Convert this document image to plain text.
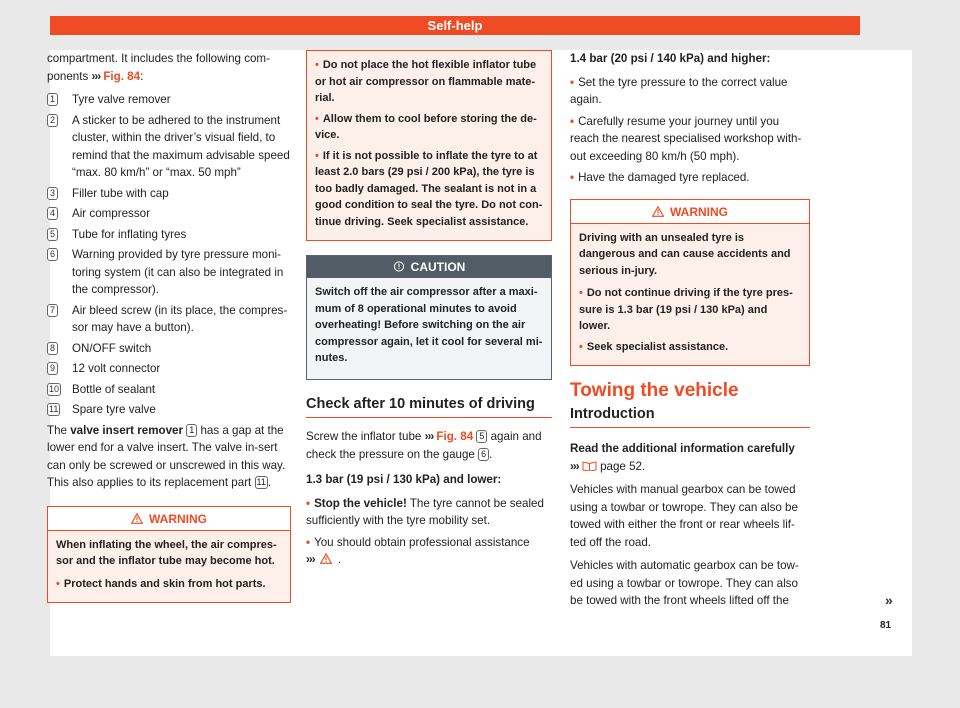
Self-help

compartment. It includes the following com-ponents ››› Fig. 84:

1 Tyre valve remover
2 A sticker to be adhered to the instrument cluster, within the driver’s visual field, to remind that the maximum advisable speed “max. 80 km/h” or “max. 50 mph”
3 Filler tube with cap
4 Air compressor
5 Tube for inflating tyres
6 Warning provided by tyre pressure moni-toring system (it can also be integrated in the compressor).
7 Air bleed screw (in its place, the compres-sor may have a button).
8 ON/OFF switch
9 12 volt connector
10 Bottle of sealant
11 Spare tyre valve

The valve insert remover 1 has a gap at the lower end for a valve insert. The valve in-sert can only be screwed or unscrewed in this way. This also applies to its replacement part 11 .

WARNING

When inflating the wheel, the air compres-sor and the inflator tube may become hot.

• Protect hands and skin from hot parts.
• Do not place the hot flexible inflator tube or hot air compressor on flammable mate-rial.
• Allow them to cool before storing the de-vice.
• If it is not possible to inflate the tyre to at least 2.0 bars (29 psi / 200 kPa), the tyre is too badly damaged. The sealant is not in a good condition to seal the tyre. Do not con-tinue driving. Seek specialist assistance.
CAUTION

Switch off the air compressor after a maxi-mum of 8 operational minutes to avoid overheating! Before switching on the air compressor again, let it cool for several mi-nutes.

Check after 10 minutes of driving

Screw the inflator tube ››› Fig. 84 5 again and check the pressure on the gauge 6 .

1.3 bar (19 psi / 130 kPa) and lower:

• Stop the vehicle! The tyre cannot be sealed sufficiently with the tyre mobility set.
• You should obtain professional assistance
››› .

1.4 bar (20 psi / 140 kPa) and higher:

• Set the tyre pressure to the correct value again.
• Carefully resume your journey until you reach the nearest specialised workshop with-out exceeding 80 km/h (50 mph).
• Have the damaged tyre replaced.
WARNING

Driving with an unsealed tyre is dangerous and can cause accidents and serious in-jury.

• Do not continue driving if the tyre pres-sure is 1.3 bar (19 psi / 130 kPa) and lower.
• Seek specialist assistance.
Towing the vehicle
Introduction

Read the additional information carefully
››› page 52.

Vehicles with manual gearbox can be towed using a towbar or towrope. They can also be towed with either the front or rear wheels lif-ted off the road.

Vehicles with automatic gearbox can be tow-ed using a towbar or towrope. They can also be towed with the front wheels lifted off the	»
81
